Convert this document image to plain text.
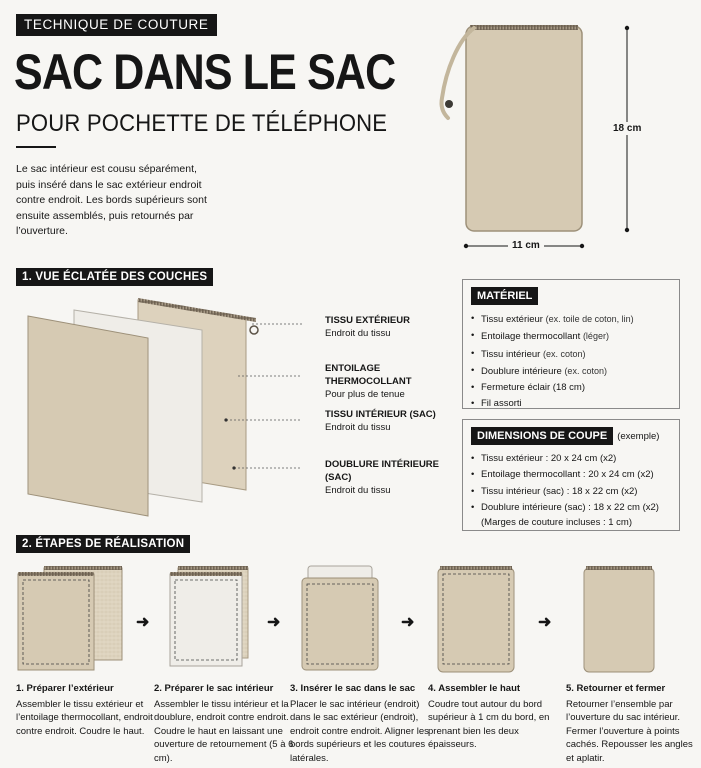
TECHNIQUE DE COUTURE
SAC DANS LE SAC
POUR POCHETTE DE TÉLÉPHONE
Le sac intérieur est cousu séparément, puis inséré dans le sac extérieur endroit contre endroit. Les bords supérieurs sont ensuite assemblés, puis retournés par l’ouverture.
18 cm
11 cm
1. VUE ÉCLATÉE DES COUCHES
TISSU EXTÉRIEUR
Endroit du tissu
ENTOILAGE THERMOCOLLANT
Pour plus de tenue
TISSU INTÉRIEUR (SAC)
Endroit du tissu
DOUBLURE INTÉRIEURE (SAC)
Endroit du tissu
MATÉRIEL
• Tissu extérieur (ex. toile de coton, lin)
• Entoilage thermocollant (léger)
• Tissu intérieur (ex. coton)
• Doublure intérieure (ex. coton)
• Fermeture éclair (18 cm)
• Fil assorti
DIMENSIONS DE COUPE (exemple)
• Tissu extérieur : 20 x 24 cm (x2)
• Entoilage thermocollant : 20 x 24 cm (x2)
• Tissu intérieur (sac) : 18 x 22 cm (x2)
• Doublure intérieure (sac) : 18 x 22 cm (x2)
(Marges de couture incluses : 1 cm)
2. ÉTAPES DE RÉALISATION
➜	➜	➜	➜
1. Préparer l’extérieur
Assembler le tissu extérieur et l’entoilage thermocollant, endroit contre endroit. Coudre le haut.
2. Préparer le sac intérieur
Assembler le tissu intérieur et la doublure, endroit contre endroit. Coudre le haut en laissant une ouverture de retournement (5 à 6 cm).
3. Insérer le sac dans le sac
Placer le sac intérieur (endroit) dans le sac extérieur (endroit), endroit contre endroit. Aligner les bords supérieurs et les coutures latérales.
4. Assembler le haut
Coudre tout autour du bord supérieur à 1 cm du bord, en prenant bien les deux épaisseurs.
5. Retourner et fermer
Retourner l’ensemble par l’ouverture du sac intérieur. Fermer l’ouverture à points cachés. Repousser les angles et aplatir.
